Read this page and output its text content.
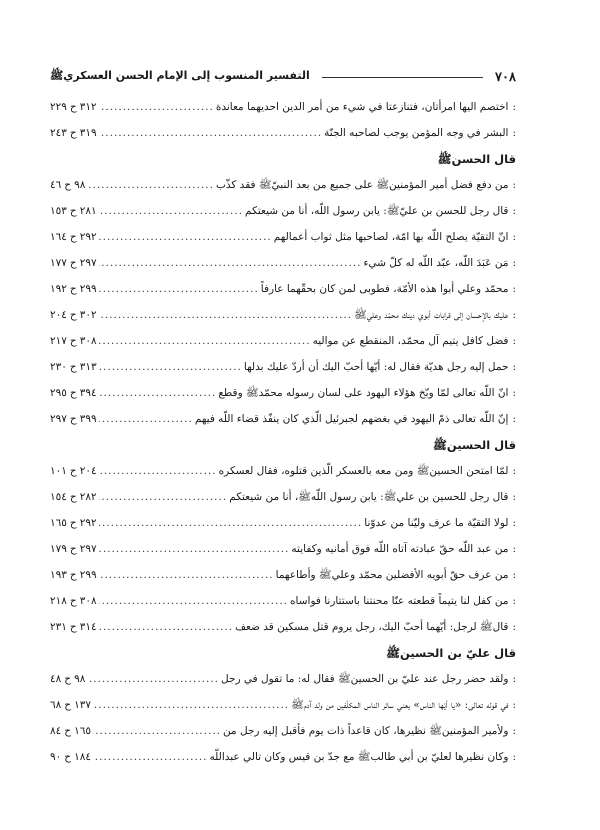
٧٠٨
التفسير المنسوب إلى الإمام الحسن العسكري‌ﷺ
:
اختصم اليها امرأتان، فتنازعتا في شيء من أمر الدين احديهما معاندة
.....
٣١٢ح٢٢٩
:
البشر في وجه المؤمن يوجب لصاحبه الجنّة
.....
٣١٩ح٢٤٣
قال الحسن‌ﷺ
:
من دفع فضل أمير المؤمنين‌ﷺ على جميع من بعد النبيّ‌ﷺ فقد كذّب
.....
٩٨ح٤٦
:
قال رجل للحسن بن عليّ‌ﷺ: يابن رسول اللّه، أنا من شيعتكم
.....
٢٨١ح١٥٣
:
انّ التقيّة يصلح اللّه بها امّة، لصاحبها مثل ثواب أعمالهم
.....
٢٩٢ح١٦٤
:
مَن عَبَدَ اللّه، عبّد اللّه له كلّ شيء
.....
٢٩٧ح١٧٧
:
محمّد وعلي أبوا هذه الأمّة، فطوبى لمن كان بحقّهما عارفاً
.....
٢٩٩ح١٩٢
:
عليك بالإحسان إلى قرابات أبوي دينك محمّد وعلي‌ﷺ
.....
٣٠٢ح٢٠٤
:
فضل كافل يتيم آل محمّد، المنقطع عن مواليه
.....
٣٠٨ح٢١٧
:
حمل إليه رجل هديّة فقال له: أيّها أحبّ اليك أن أردّ عليك بدلها
.....
٣١٣ح٢٣٠
:
انّ اللّه تعالى لمّا وبّخ هؤلاء اليهود على لسان رسوله محمّد‌ﷺ وقطع
.....
٣٩٤ح٢٩٥
:
إنّ اللّه تعالى ذمّ اليهود في بغضهم لجبرئيل الّذي كان ينفّذ قضاء اللّه فيهم
.....
٣٩٩ح٢٩٧
قال الحسين‌ﷺ
:
لمّا امتحن الحسين‌ﷺ ومن معه بالعسكر الّذين قتلوه، فقال لعسكره
.....
٢٠٤ح١٠١
:
قال رجل للحسين بن علي‌ﷺ: يابن رسول اللّه‌ﷺ، أنا من شيعتكم
.....
٢٨٢ح١٥٤
:
لولا التقيّة ما عرف وليّنا من عدوّنا
.....
٢٩٢ح١٦٥
:
من عبد اللّه حقّ عبادته آتاه اللّه فوق أمانيه وكفايته
.....
٢٩٧ح١٧٩
:
من عرف حقّ أبويه الأفضلين محمّد وعلي‌ﷺ وأطاعهما
.....
٢٩٩ح١٩٣
:
من كفل لنا يتيماً قطعته عنّا محنتنا باستتارنا فواساه
.....
٣٠٨ح٢١٨
:
قال‌ﷺ لرجل: أيّهما أحبّ اليك، رجل يروم قتل مسكين قد ضعف
.....
٣١٤ح٢٣١
قال عليّ بن الحسين‌ﷺ
:
ولقد حضر رجل عند عليّ بن الحسين‌ﷺ فقال له: ما تقول في رجل
.....
٩٨ح٤٨
:
في قوله تعالى: «يا أيّها الناس» يعني سائر الناس المكلّفين من ولد آدم‌ﷺ
.....
١٣٧ح٦٨
:
ولأمير المؤمنين‌ﷺ نظيرها، كان قاعداً ذات يوم فأقبل إليه رجل من
.....
١٦٥ح٨٤
:
وكان نظيرها لعليّ بن أبي طالب‌ﷺ مع جدّ بن قيس وكان تالي عبداللّه
.....
١٨٤ح٩٠
